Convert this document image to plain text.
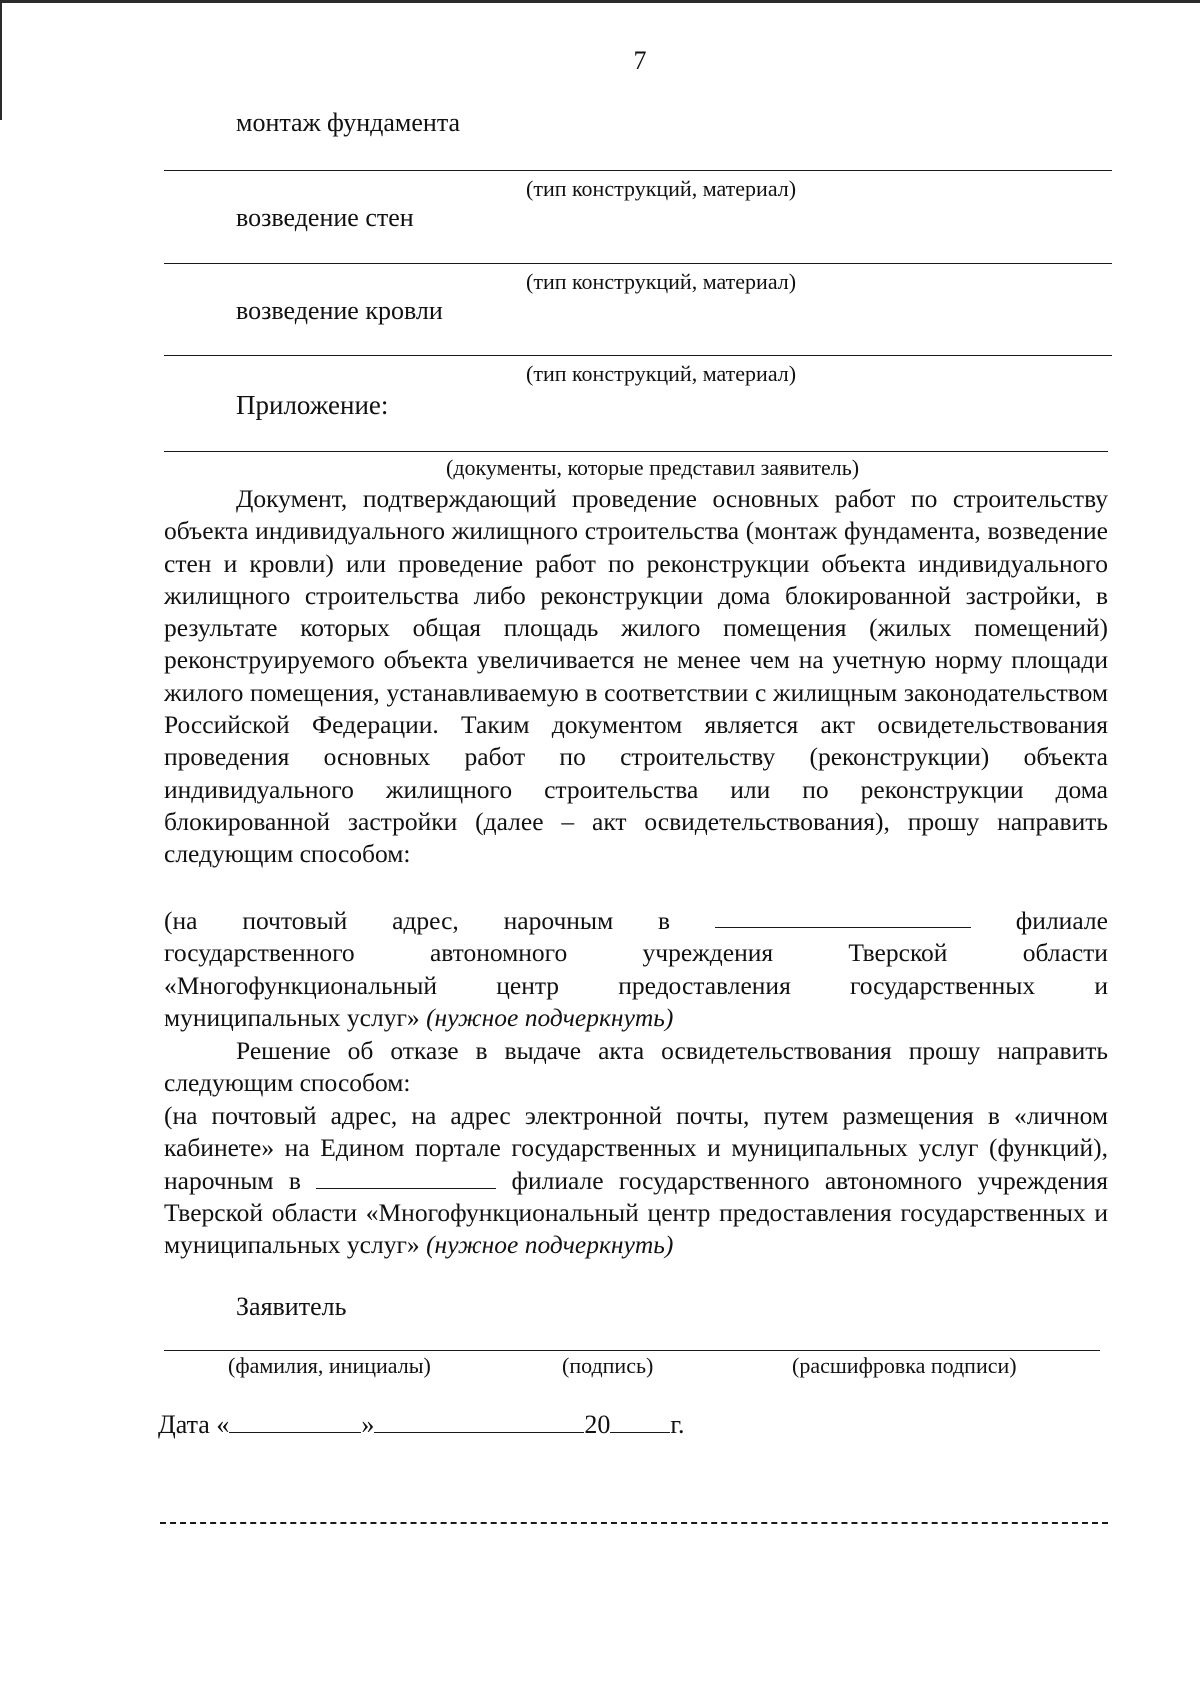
7
монтаж фундамента
(тип конструкций, материал)
возведение стен
(тип конструкций, материал)
возведение кровли
(тип конструкций, материал)
Приложение:
(документы, которые представил заявитель)
Документ, подтверждающий проведение основных работ по строительству объекта индивидуального жилищного строительства (монтаж фундамента, возведение стен и кровли) или проведение работ по реконструкции объекта индивидуального жилищного строительства либо реконструкции дома блокированной застройки, в результате которых общая площадь жилого помещения (жилых помещений) реконструируемого объекта увеличивается не менее чем на учетную норму площади жилого помещения, устанавливаемую в соответствии с жилищным законодательством Российской Федерации. Таким документом является акт освидетельствования проведения основных работ по строительству (реконструкции) объекта индивидуального жилищного строительства или по реконструкции дома блокированной застройки (далее – акт освидетельствования), прошу направить следующим способом:
(на почтовый адрес, нарочным в	филиале
государственного	автономного	учреждения	Тверской	области
«Многофункциональный центр предоставления государственных и
муниципальных услуг» (нужное подчеркнуть)
Решение об отказе в выдаче акта освидетельствования прошу направить следующим способом:
(на почтовый адрес, на адрес электронной почты, путем размещения в «личном кабинете» на Едином портале государственных и муниципальных услуг (функций), нарочным в	филиале государственного автономного учреждения Тверской области «Многофункциональный центр предоставления государственных и муниципальных услуг» (нужное подчеркнуть)
Заявитель
(фамилия, инициалы)	(подпись)	(расшифровка подписи)
Дата «	»	20 г.
